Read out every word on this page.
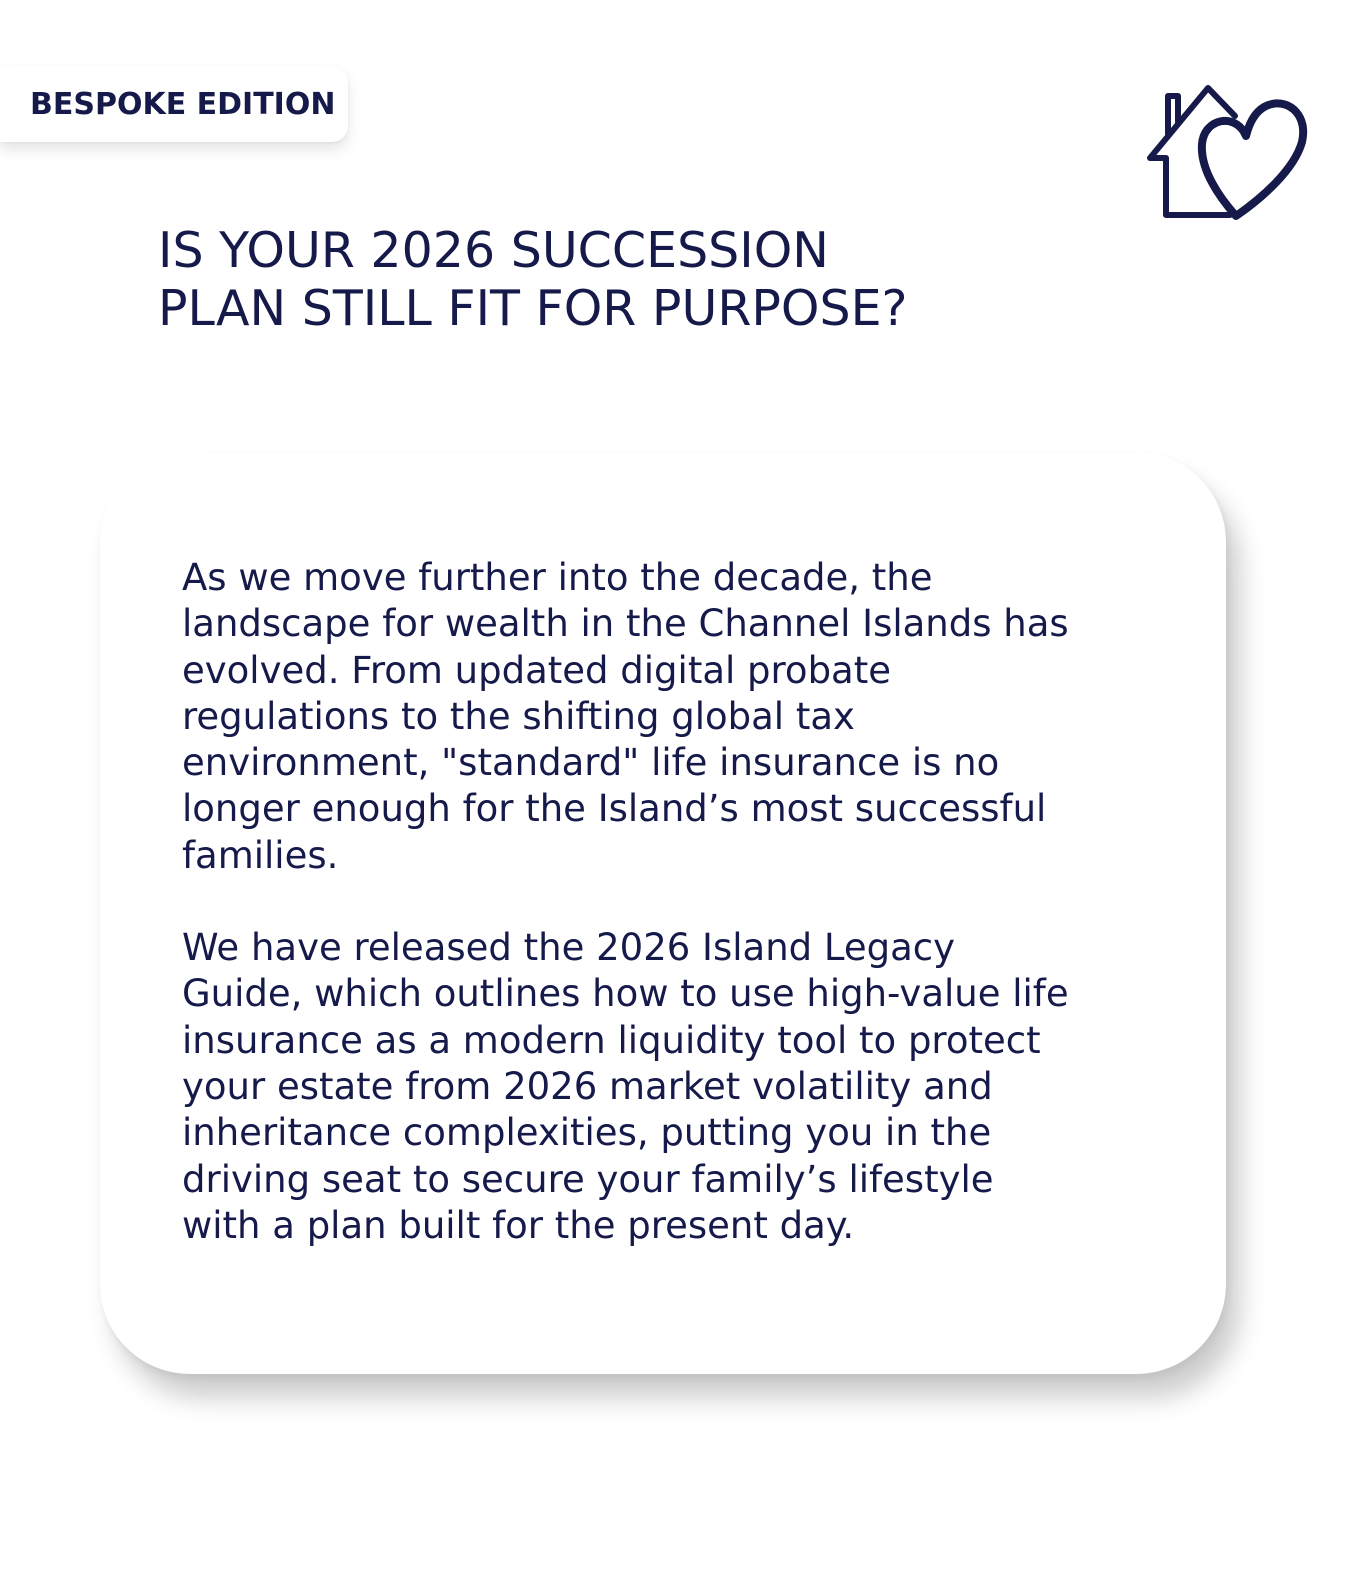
BESPOKE EDITION
IS YOUR 2026 SUCCESSION
PLAN STILL FIT FOR PURPOSE?

As we move further into the decade, the
landscape for wealth in the Channel Islands has
evolved. From updated digital probate
regulations to the shifting global tax
environment, "standard" life insurance is no
longer enough for the Island’s most successful
families.

We have released the 2026 Island Legacy
Guide, which outlines how to use high-value life
insurance as a modern liquidity tool to protect
your estate from 2026 market volatility and
inheritance complexities, putting you in the
driving seat to secure your family’s lifestyle
with a plan built for the present day.
